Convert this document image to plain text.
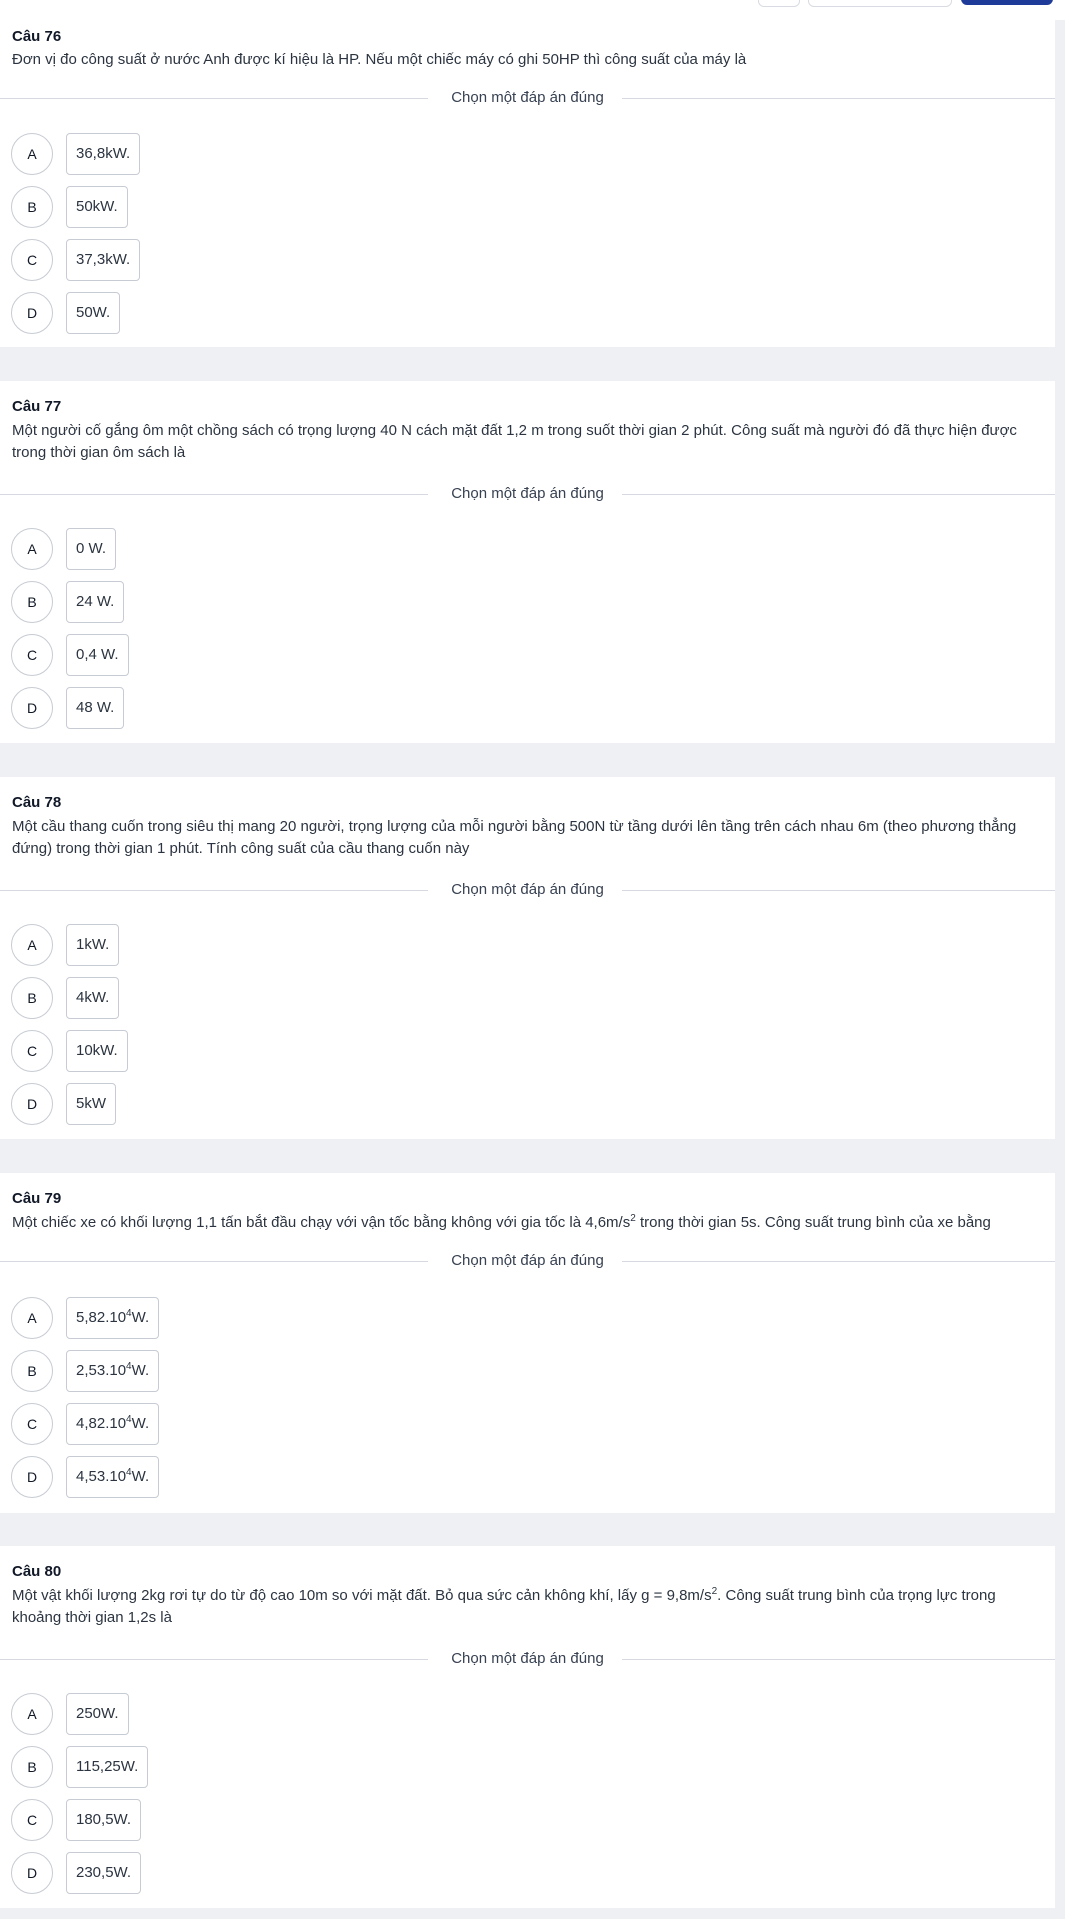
Câu 76
Đơn vị đo công suất ở nước Anh được kí hiệu là HP. Nếu một chiếc máy có ghi 50HP thì công suất của máy là
Chọn một đáp án đúng
A	36,8kW.
B	50kW.
C	37,3kW.
D	50W.
Câu 77
Một người cố gắng ôm một chồng sách có trọng lượng 40 N cách mặt đất 1,2 m trong suốt thời gian 2 phút. Công suất mà người đó đã thực hiện được trong thời gian ôm sách là
Chọn một đáp án đúng
A	0 W.
B	24 W.
C	0,4 W.
D	48 W.
Câu 78
Một cầu thang cuốn trong siêu thị mang 20 người, trọng lượng của mỗi người bằng 500N từ tầng dưới lên tầng trên cách nhau 6m (theo phương thẳng đứng) trong thời gian 1 phút. Tính công suất của cầu thang cuốn này
Chọn một đáp án đúng
A	1kW.
B	4kW.
C	10kW.
D	5kW
Câu 79
Một chiếc xe có khối lượng 1,1 tấn bắt đầu chạy với vận tốc bằng không với gia tốc là $4,6m/s^2$ trong thời gian 5s. Công suất trung bình của xe bằng
Chọn một đáp án đúng
A	5,82.10$^4$W.
B	2,53.10$^4$W.
C	4,82.10$^4$W.
D	4,53.10$^4$W.
Câu 80
Một vật khối lượng 2kg rơi tự do từ độ cao 10m so với mặt đất. Bỏ qua sức cản không khí, lấy $g = 9,8m/s^2$. Công suất trung bình của trọng lực trong khoảng thời gian 1,2s là
Chọn một đáp án đúng
A	250W.
B	115,25W.
C	180,5W.
D	230,5W.
